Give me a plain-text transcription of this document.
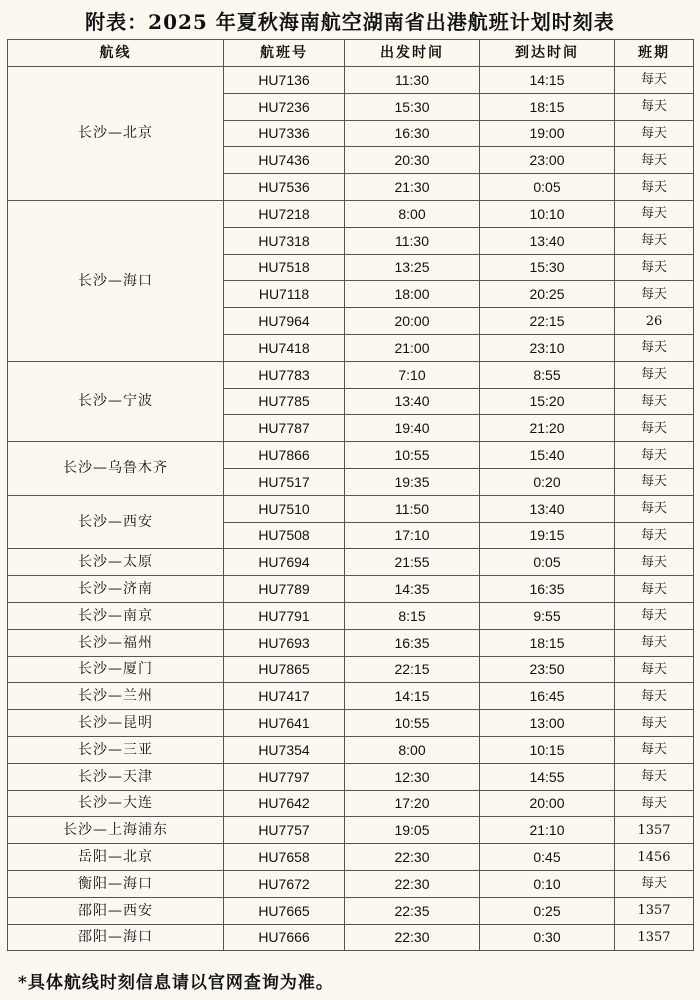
附表：2025 年夏秋海南航空湖南省出港航班计划时刻表
航线	航班号	出发时间	到达时间	班期
长沙—北京	HU7136	11:30	14:15	每天
	HU7236	15:30	18:15	每天
	HU7336	16:30	19:00	每天
	HU7436	20:30	23:00	每天
	HU7536	21:30	0:05	每天
长沙—海口	HU7218	8:00	10:10	每天
	HU7318	11:30	13:40	每天
	HU7518	13:25	15:30	每天
	HU7118	18:00	20:25	每天
	HU7964	20:00	22:15	26
	HU7418	21:00	23:10	每天
长沙—宁波	HU7783	7:10	8:55	每天
	HU7785	13:40	15:20	每天
	HU7787	19:40	21:20	每天
长沙—乌鲁木齐	HU7866	10:55	15:40	每天
	HU7517	19:35	0:20	每天
长沙—西安	HU7510	11:50	13:40	每天
	HU7508	17:10	19:15	每天
长沙—太原	HU7694	21:55	0:05	每天
长沙—济南	HU7789	14:35	16:35	每天
长沙—南京	HU7791	8:15	9:55	每天
长沙—福州	HU7693	16:35	18:15	每天
长沙—厦门	HU7865	22:15	23:50	每天
长沙—兰州	HU7417	14:15	16:45	每天
长沙—昆明	HU7641	10:55	13:00	每天
长沙—三亚	HU7354	8:00	10:15	每天
长沙—天津	HU7797	12:30	14:55	每天
长沙—大连	HU7642	17:20	20:00	每天
长沙—上海浦东	HU7757	19:05	21:10	1357
岳阳—北京	HU7658	22:30	0:45	1456
衡阳—海口	HU7672	22:30	0:10	每天
邵阳—西安	HU7665	22:35	0:25	1357
邵阳—海口	HU7666	22:30	0:30	1357
*具体航线时刻信息请以官网查询为准。
